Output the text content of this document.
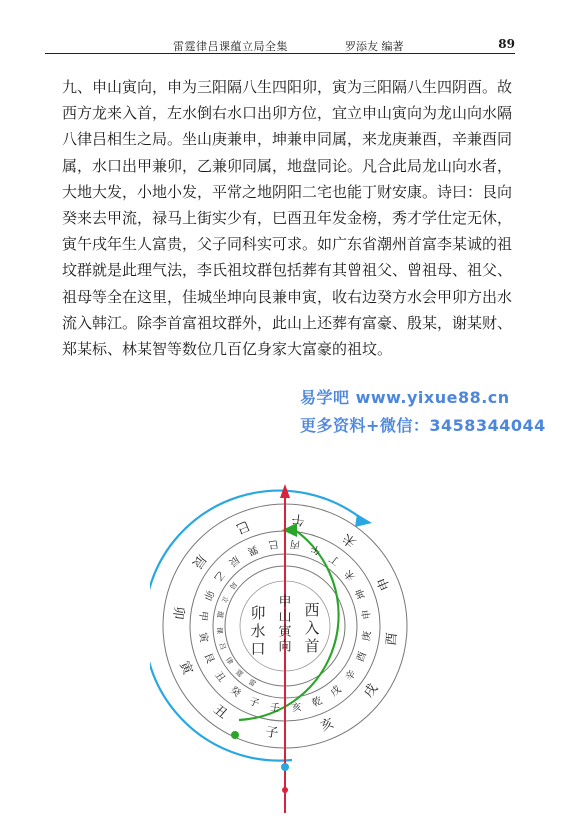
雷霆律吕课蕴立局全集	罗添友 编著	89

九、申山寅向，申为三阳隔八生四阳卯，寅为三阳隔八生四阴酉。故西方龙来入首，左水倒右水口出卯方位，宜立申山寅向为龙山向水隔八律吕相生之局。坐山庚兼申，坤兼申同属，来龙庚兼酉，辛兼酉同属，水口出甲兼卯，乙兼卯同属，地盘同论。凡合此局龙山向水者，大地大发，小地小发，平常之地阴阳二宅也能丁财安康。诗曰：艮向癸来去甲流，禄马上街实少有，巳酉丑年发金榜，秀才学仕定无休，寅午戌年生人富贵，父子同科实可求。如广东省潮州首富李某诚的祖坟群就是此理气法，李氏祖坟群包括葬有其曾祖父、曾祖母、祖父、祖母等全在这里，佳城坐坤向艮兼申寅，收右边癸方水会甲卯方出水流入韩江。除李首富祖坟群外，此山上还葬有富豪、殷某，谢某财、郑某标、林某智等数位几百亿身家大富豪的祖坟。

易学吧 www.yixue88.cn
更多资料+微信：3458344044
子
丑
寅
卯
辰
巳	午
未
申
酉
戌
亥
壬
子
癸
丑
艮
寅
甲
卯
乙
辰
巽 巳 丙 午
丁
未
坤
申
庚
酉
辛
戌
乾
亥
雷
霆
律
吕
课
蕴
立
局
卯
水
口
西
入
首
申
山
寅
向
